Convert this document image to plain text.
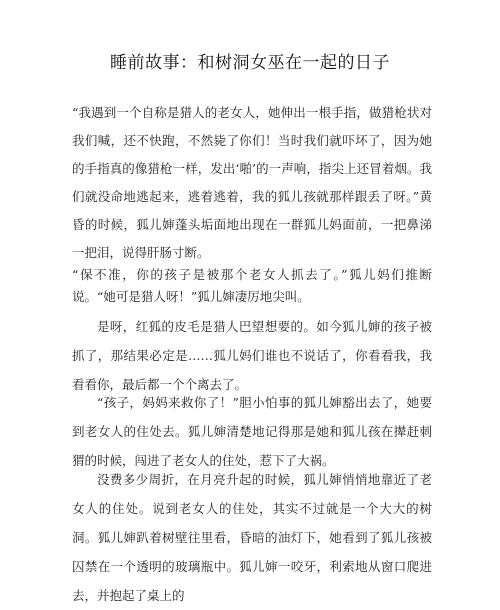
睡前故事：和树洞女巫在一起的日子
“我遇到一个自称是猎人的老女人，她伸出一根手指，做猎枪状对我们喊，还不快跑，不然毙了你们！当时我们就吓坏了，因为她的手指真的像猎枪一样，发出‘啪’的一声响，指尖上还冒着烟。我们就没命地逃起来，逃着逃着，我的狐儿孩就那样跟丢了呀。”黄昏的时候，狐儿婶蓬头垢面地出现在一群狐儿妈面前，一把鼻涕一把泪，说得肝肠寸断。
“保不准，你的孩子是被那个老女人抓去了。”狐儿妈们推断说。“她可是猎人呀！”狐儿婶凄厉地尖叫。
是呀，红狐的皮毛是猎人巴望想要的。如今狐儿婶的孩子被抓了，那结果必定是……狐儿妈们谁也不说话了，你看看我，我看看你，最后都一个个离去了。
“孩子，妈妈来救你了！”胆小怕事的狐儿婶豁出去了，她要到老女人的住处去。狐儿婶清楚地记得那是她和狐儿孩在撵赶刺猬的时候，闯进了老女人的住处，惹下了大祸。
没费多少周折，在月亮升起的时候，狐儿婶悄悄地靠近了老女人的住处。说到老女人的住处，其实不过就是一个大大的树洞。狐儿婶趴着树壁往里看，昏暗的油灯下，她看到了狐儿孩被囚禁在一个透明的玻璃瓶中。狐儿婶一咬牙，利索地从窗口爬进去，并抱起了桌上的
